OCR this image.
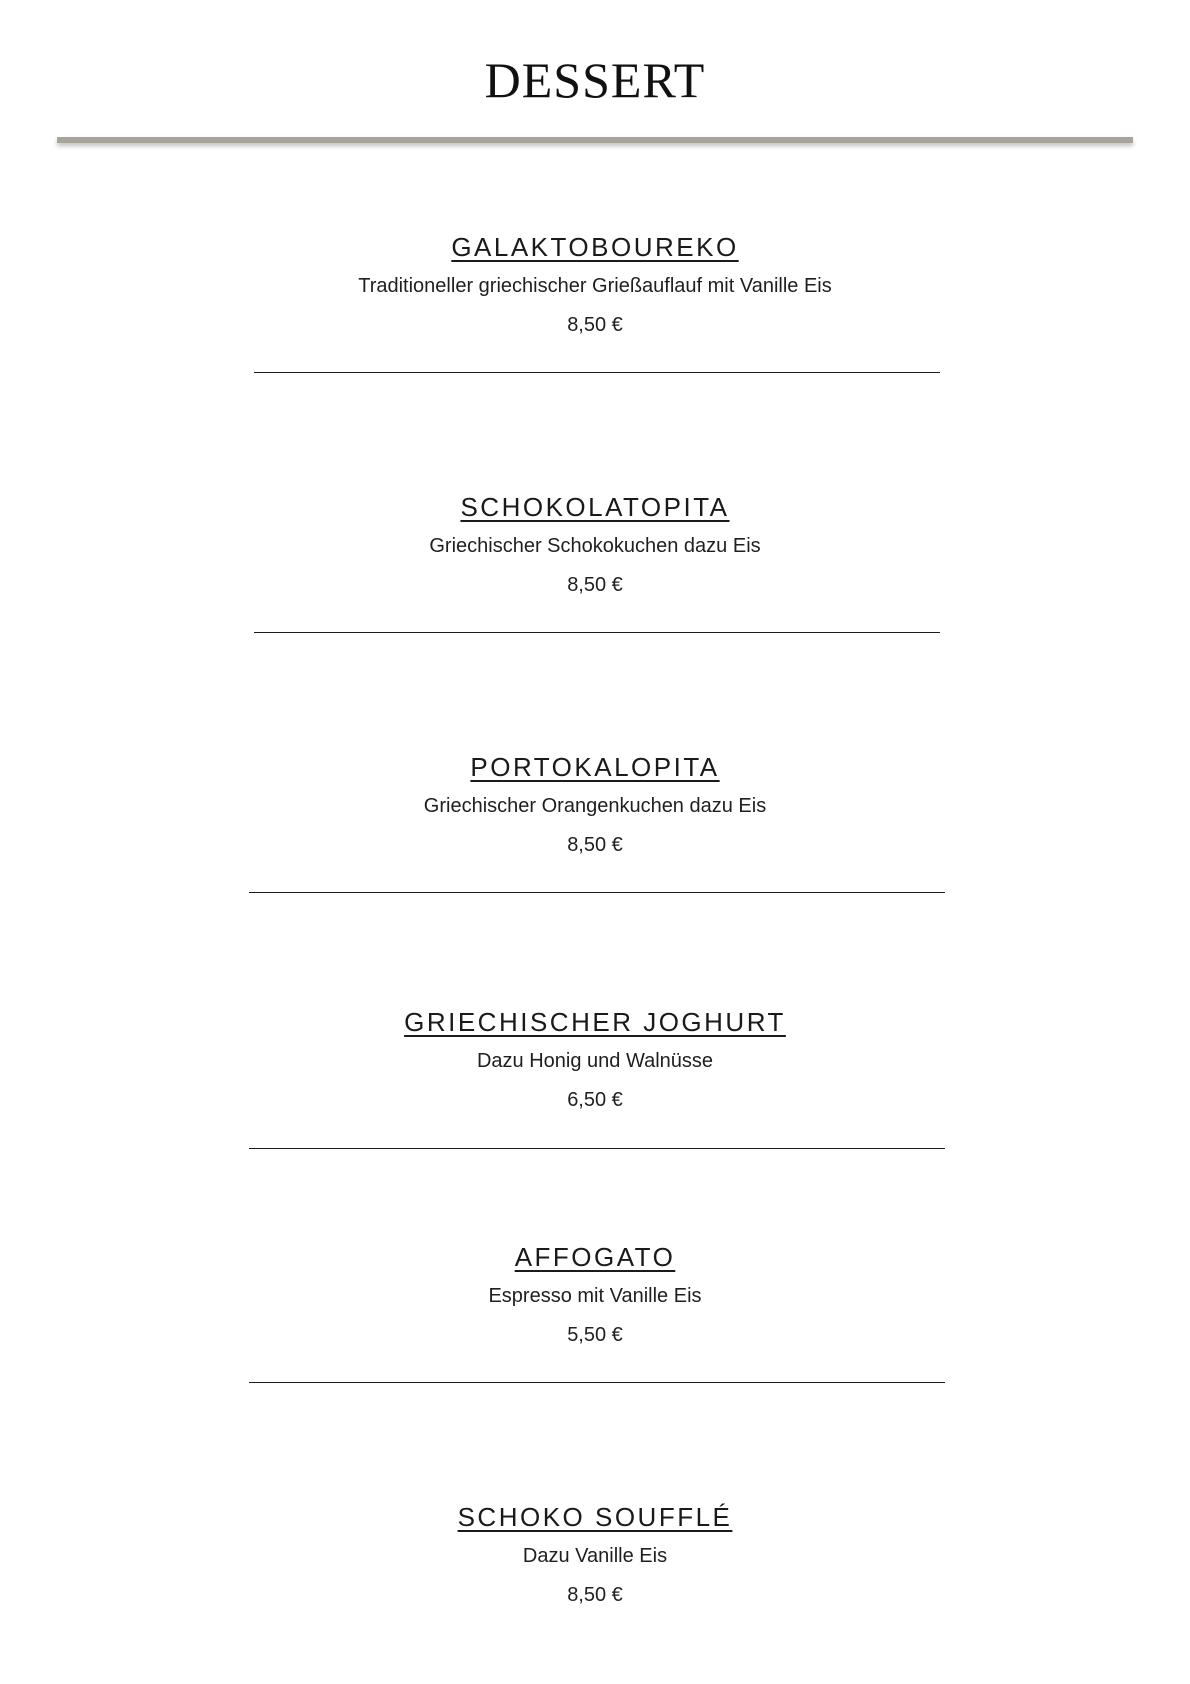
DESSERT
GALAKTOBOUREKO
Traditioneller griechischer Grießauflauf mit Vanille Eis
8,50 €
SCHOKOLATOPITA
Griechischer Schokokuchen dazu Eis
8,50 €
PORTOKALOPITA
Griechischer Orangenkuchen dazu Eis
8,50 €
GRIECHISCHER JOGHURT
Dazu Honig und Walnüsse
6,50 €
AFFOGATO
Espresso mit Vanille Eis
5,50 €
SCHOKO SOUFFLÉ
Dazu Vanille Eis
8,50 €
